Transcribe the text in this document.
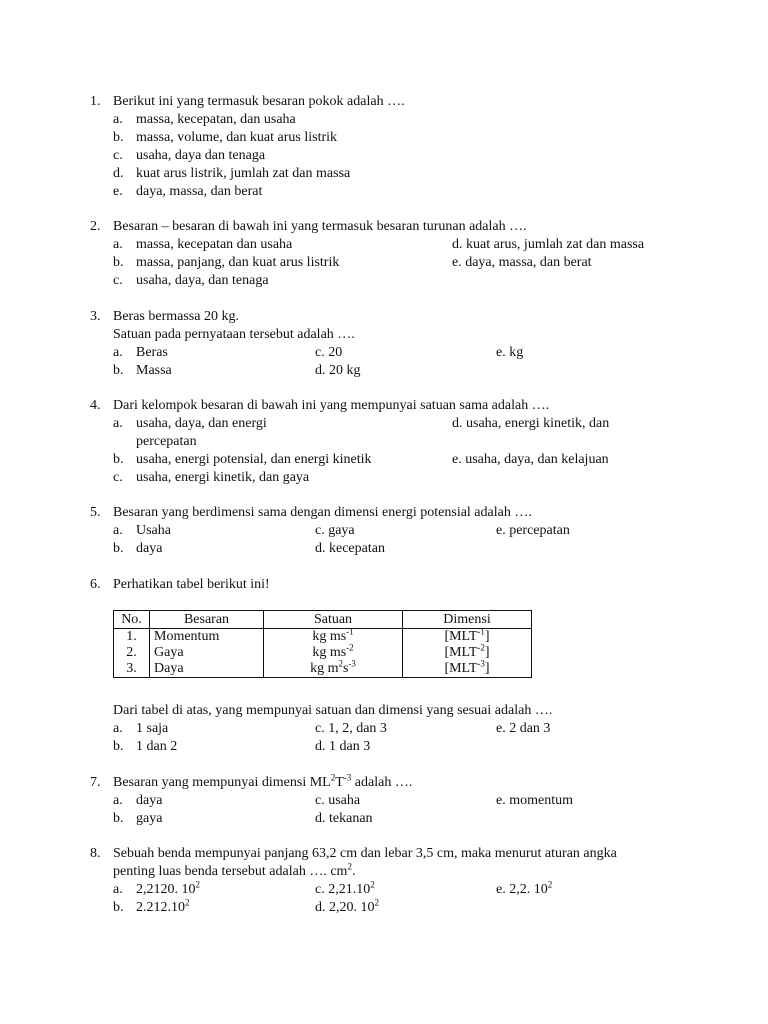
1. Berikut ini yang termasuk besaran pokok adalah ….
a. massa, kecepatan, dan usaha
b. massa, volume, dan kuat arus listrik
c. usaha, daya dan tenaga
d. kuat arus listrik, jumlah zat dan massa
e. daya, massa, dan berat
2. Besaran – besaran di bawah ini yang termasuk besaran turunan adalah ….
a. massa, kecepatan dan usaha
b. massa, panjang, dan kuat arus listrik
c. usaha, daya, dan tenaga
d. kuat arus, jumlah zat dan massa
e. daya, massa, dan berat
3. Beras bermassa 20 kg.
Satuan pada pernyataan tersebut adalah ….
a. Beras
b. Massa
c. 20
d. 20 kg
e. kg
4. Dari kelompok besaran di bawah ini yang mempunyai satuan sama adalah ….
a. usaha, daya, dan energi
percepatan
b. usaha, energi potensial, dan energi kinetik
c. usaha, energi kinetik, dan gaya
d. usaha, energi kinetik, dan
e. usaha, daya, dan kelajuan
5. Besaran yang berdimensi sama dengan dimensi energi potensial adalah ….
a. Usaha
b. daya
c. gaya
d. kecepatan
e. percepatan
6. Perhatikan tabel berikut ini!
No.	Besaran	Satuan	Dimensi
1.	Momentum	kg $ms^{-1}$	$[MLT^{-1}]$
2.	Gaya	kg $ms^{-2}$	$[MLT^{-2}]$
3.	Daya	kg $m^2s^{-3}$	$[MLT^{-3}]$
Dari tabel di atas, yang mempunyai satuan dan dimensi yang sesuai adalah ….
a. 1 saja
b. 1 dan 2
c. 1, 2, dan 3
d. 1 dan 3
e. 2 dan 3
7. Besaran yang mempunyai dimensi $ML^2T^{-3}$ adalah ….
a. daya
b. gaya
c. usaha
d. tekanan
e. momentum
8. Sebuah benda mempunyai panjang 63,2 cm dan lebar 3,5 cm, maka menurut aturan angka
penting luas benda tersebut adalah …. $cm^2$.
a. 2,2120. $10^2$
b. 2.212.10$^2$
c. 2,21.10$^2$
d. 2,20. $10^2$
e. 2,2. $10^2$
